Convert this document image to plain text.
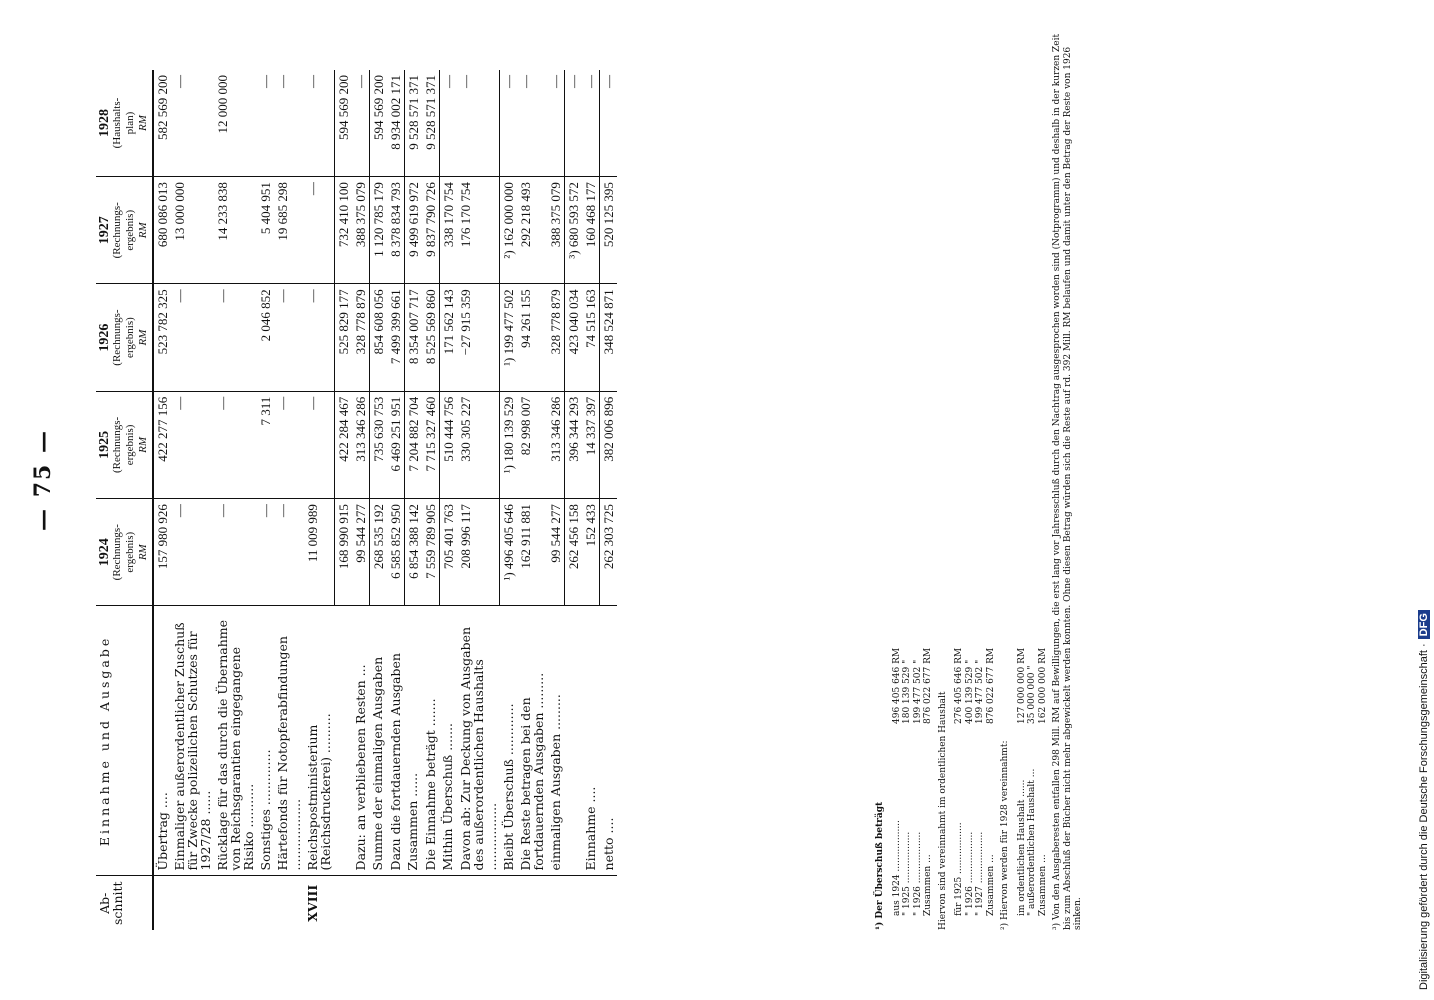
— 75 —
Ab-
schnitt	Einnahme und Ausgabe	1924 (Rechnungs-
ergebnis) RM	1925 (Rechnungs-
ergebnis) RM	1926 (Rechnungs-
ergebnis) RM	1927 (Rechnungs-
ergebnis) RM	1928 (Haushalts-
plan) RM

	Übertrag ....	157 980 926	422 277 156	523 782 325	680 086 013	582 569 200
	Einmaliger außerordentlicher Zuschuß für Zwecke polizeilichen Schutzes für 1927/28 ......	—	—	—	13 000 000	—
	Rücklage für das durch die Übernahme von Reichsgarantien eingegangene Risiko ...........	—	—	—	14 233 838	12 000 000
	Sonstiges ..............	—	7 311	2 046 852	5 404 951	—
	Härtefonds für Notopferabfindungen ..................	—	—	—	19 685 298	—
XVIII	Reichspostministerium (Reichsdruckerei) ..........	11 009 989	—	—	—	—
		168 990 915	422 284 467	525 829 177	732 410 100	594 569 200
	Dazu: an verbliebenen Resten ...	99 544 277	313 346 286	328 778 879	388 375 079	—
	Summe der einmaligen Ausgaben	268 535 192	735 630 753	854 608 056	1 120 785 179	594 569 200
	Dazu die fortdauernden Ausgaben	6 585 852 950	6 469 251 951	7 499 399 661	8 378 834 793	8 934 002 171
	Zusammen ......	6 854 388 142	7 204 882 704	8 354 007 717	9 499 619 972	9 528 571 371
	Die Einnahme beträgt .......	7 559 789 905	7 715 327 460	8 525 569 860	9 837 790 726	9 528 571 371
	Mithin Überschuß .......	705 401 763	510 444 756	171 562 143	338 170 754	—
	Davon ab: Zur Deckung von Ausgaben des außerordentlichen Haushalts .................	208 996 117	330 305 227	−27 915 359	176 170 754	—
	Bleibt Überschuß .............	¹) 496 405 646	¹) 180 139 529	¹) 199 477 502	²) 162 000 000	—
	Die Reste betragen bei den fortdauernden Ausgaben .........	162 911 881	82 998 007	94 261 155	292 218 493	—
	einmaligen Ausgaben .........	99 544 277	313 346 286	328 778 879	388 375 079	—
		262 456 158	396 344 293	423 040 034	³) 680 593 572	—
	Einnahme ....	152 433	14 337 397	74 515 163	160 468 177	—
	netto ....	262 303 725	382 006 896	348 524 871	520 125 395	—

¹) Der Überschuß beträgt aus 1924 ..................
496 405 646 RM
" 1925 ..................
180 139 529 "
" 1926 ..................
199 477 502 "
Zusammen ...
876 022 677 RM

Hiervon sind vereinnahmt im ordentlichen Haushalt für 1925 ..................
276 405 646 RM
" 1926 ..................
400 139 529 "
" 1927 ..................
199 477 502 "
Zusammen ...
876 022 677 RM

²) Hiervon werden für 1928 vereinnahmt: im ordentlichen Haushalt ......
127 000 000 RM
" außerordentlichen Haushalt ...
35 000 000 "
Zusammen ...
162 000 000 RM ³) Von den Ausgaberesten entfallen 298 Mill. RM auf Bewilligungen, die erst lang vor Jahresschluß durch den Nachtrag ausgesprochen worden sind (Notprogramm) und deshalb in der kurzen Zeit bis zum Abschluß der Bücher nicht mehr abgewickelt werden konnten. Ohne diesen Betrag würden sich die Reste auf rd. 392 Mill. RM belaufen und damit unter den Betrag der Reste von 1926 sinken.	Digitalisierung gefördert durch die Deutsche Forschungsgemeinschaft ·DFG
